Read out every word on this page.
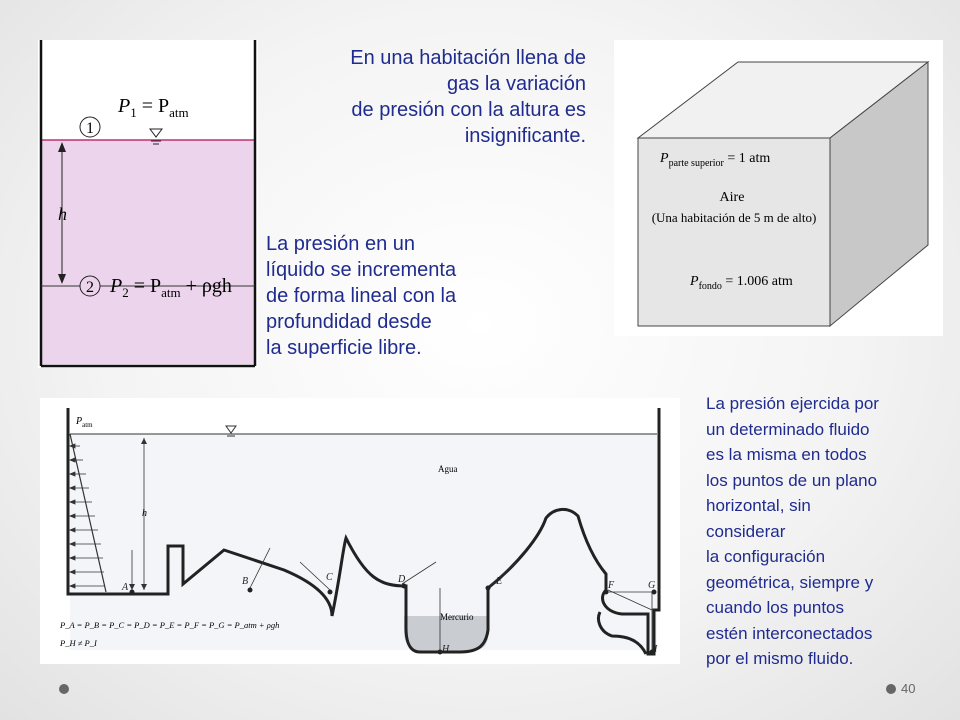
1
2
h
$P_1 = P_{atm}$
$P_2 = P_{atm} + \rho gh$
En una habitación llena de
gas la variación
de presión con la altura es
insignificante.
La presión en un
líquido se incrementa
de forma lineal con la
profundidad desde
la superficie libre.
$P_{parte superior} = 1$ atm
Aire
(Una habitación de 5 m de alto)
$P_{fondo} = 1.006$ atm
h
A
B	C	D	E	F	G
H	I
$P_{atm}$
Agua
Mercurio
P_A = P_B = P_C = P_D = P_E = P_F = P_G = P_atm + ρgh
P_H ≠ P_I
La presión ejercida por
un determinado fluido
es la misma en todos
los puntos de un plano
horizontal, sin
considerar
la configuración
geométrica, siempre y
cuando los puntos
estén interconectados
por el mismo fluido.
40
